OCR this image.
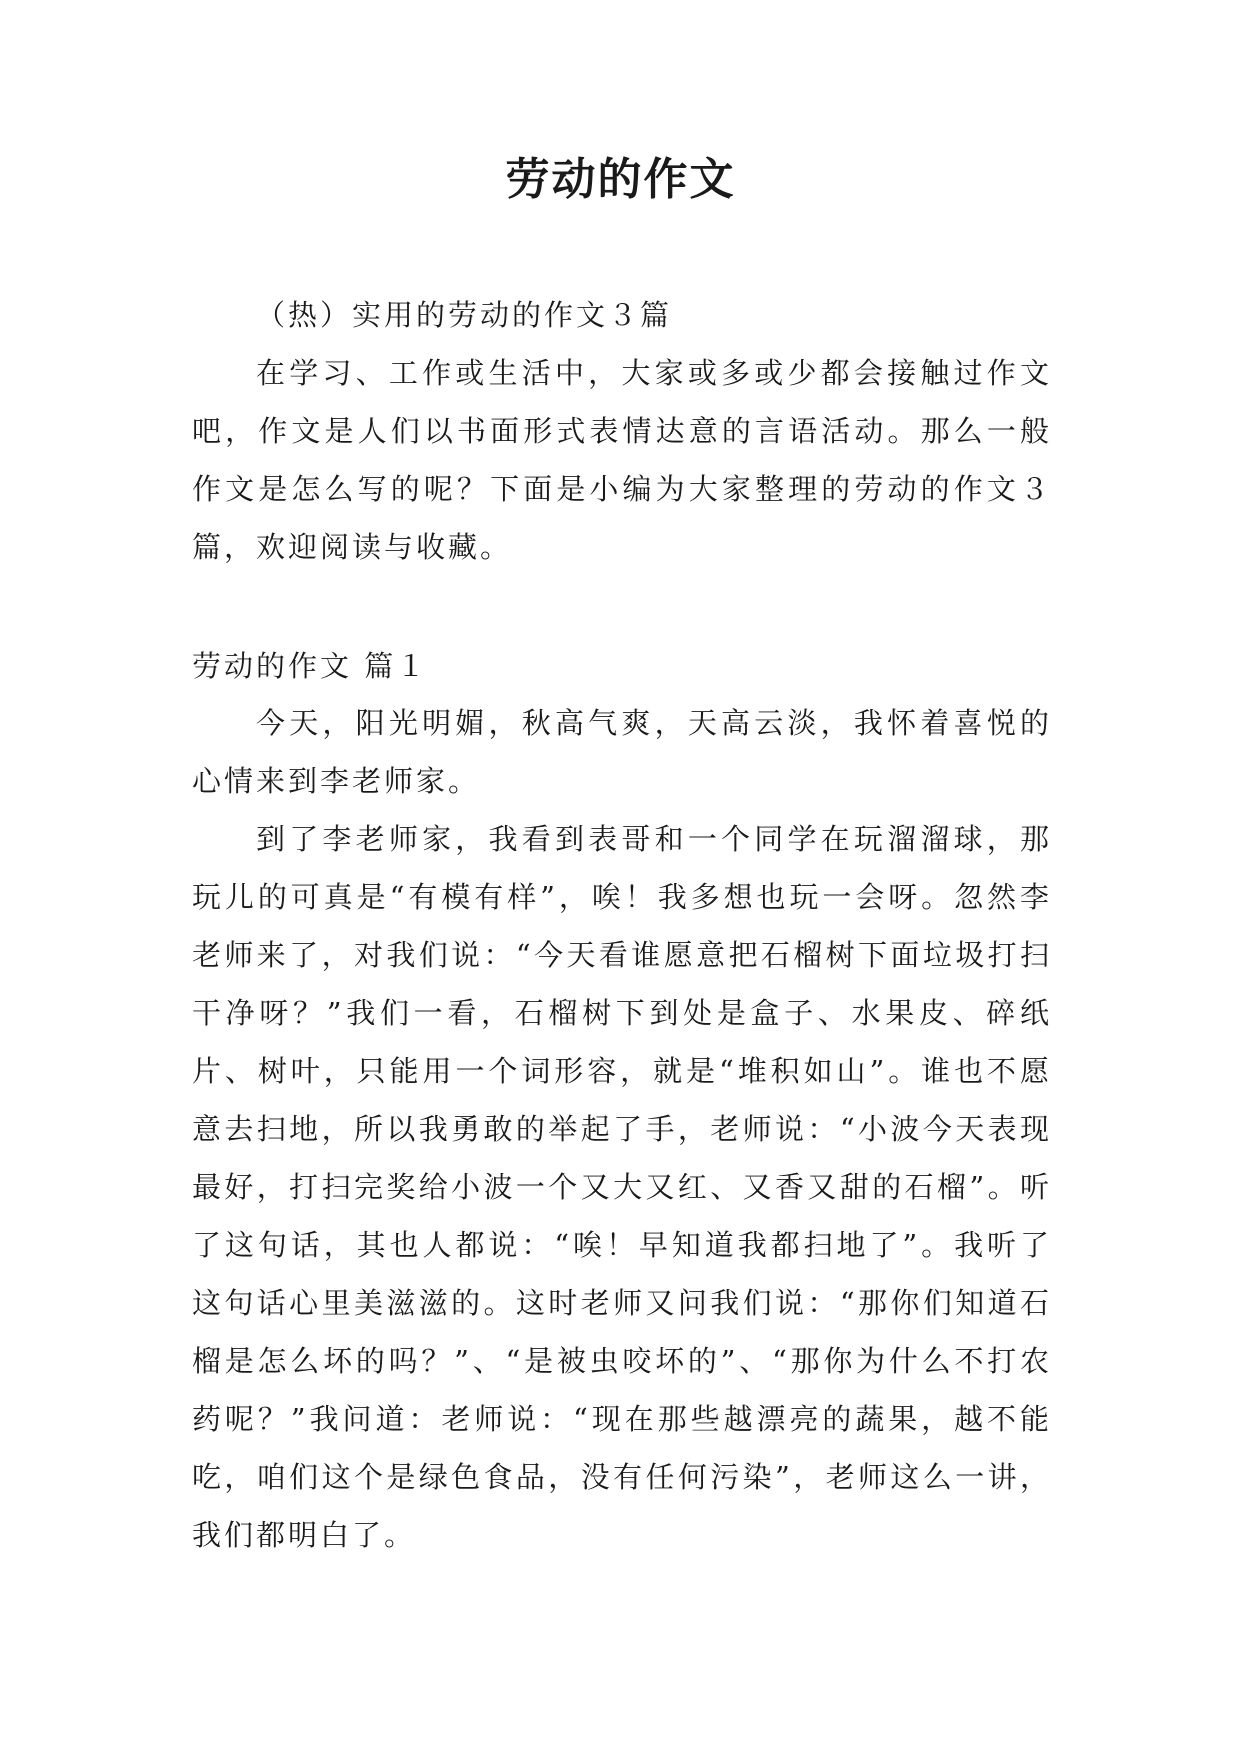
劳动的作文

（热）实用的劳动的作文３篇

在学习、工作或生活中，大家或多或少都会接触过作文吧，作文是人们以书面形式表情达意的言语活动。那么一般作文是怎么写的呢？下面是小编为大家整理的劳动的作文３篇，欢迎阅读与收藏。

劳动的作文 篇１

今天，阳光明媚，秋高气爽，天高云淡，我怀着喜悦的心情来到李老师家。

到了李老师家，我看到表哥和一个同学在玩溜溜球，那玩儿的可真是“有模有样”，唉！我多想也玩一会呀。忽然李老师来了，对我们说：“今天看谁愿意把石榴树下面垃圾打扫干净呀？”我们一看，石榴树下到处是盒子、水果皮、碎纸片、树叶，只能用一个词形容，就是“堆积如山”。谁也不愿意去扫地，所以我勇敢的举起了手，老师说：“小波今天表现最好，打扫完奖给小波一个又大又红、又香又甜的石榴”。听了这句话，其也人都说：“唉！早知道我都扫地了”。我听了这句话心里美滋滋的。这时老师又问我们说：“那你们知道石榴是怎么坏的吗？”、“是被虫咬坏的”、“那你为什么不打农药呢？”我问道：老师说：“现在那些越漂亮的蔬果，越不能吃，咱们这个是绿色食品，没有任何污染”，老师这么一讲，我们都明白了。
